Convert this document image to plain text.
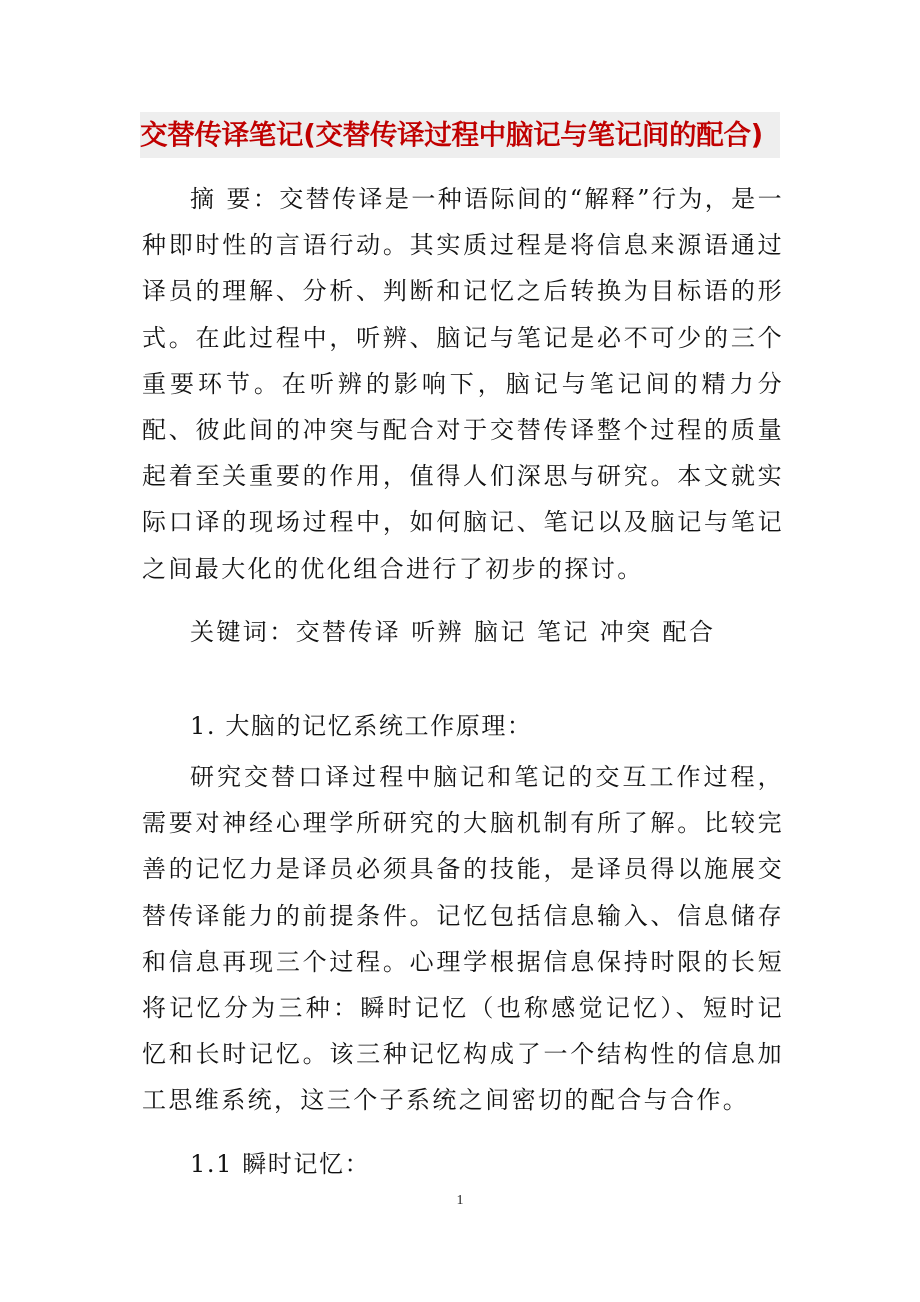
交替传译笔记(交替传译过程中脑记与笔记间的配合)

摘 要：交替传译是一种语际间的“解释”行为，是一种即时性的言语行动。其实质过程是将信息来源语通过译员的理解、分析、判断和记忆之后转换为目标语的形式。在此过程中，听辨、脑记与笔记是必不可少的三个重要环节。在听辨的影响下，脑记与笔记间的精力分配、彼此间的冲突与配合对于交替传译整个过程的质量起着至关重要的作用，值得人们深思与研究。本文就实际口译的现场过程中，如何脑记、笔记以及脑记与笔记之间最大化的优化组合进行了初步的探讨。

关键词：交替传译 听辨 脑记 笔记 冲突 配合

1. 大脑的记忆系统工作原理：

研究交替口译过程中脑记和笔记的交互工作过程，需要对神经心理学所研究的大脑机制有所了解。比较完善的记忆力是译员必须具备的技能，是译员得以施展交替传译能力的前提条件。记忆包括信息输入、信息储存和信息再现三个过程。心理学根据信息保持时限的长短将记忆分为三种：瞬时记忆（也称感觉记忆）、短时记忆和长时记忆。该三种记忆构成了一个结构性的信息加工思维系统，这三个子系统之间密切的配合与合作。

1.1 瞬时记忆：

1
